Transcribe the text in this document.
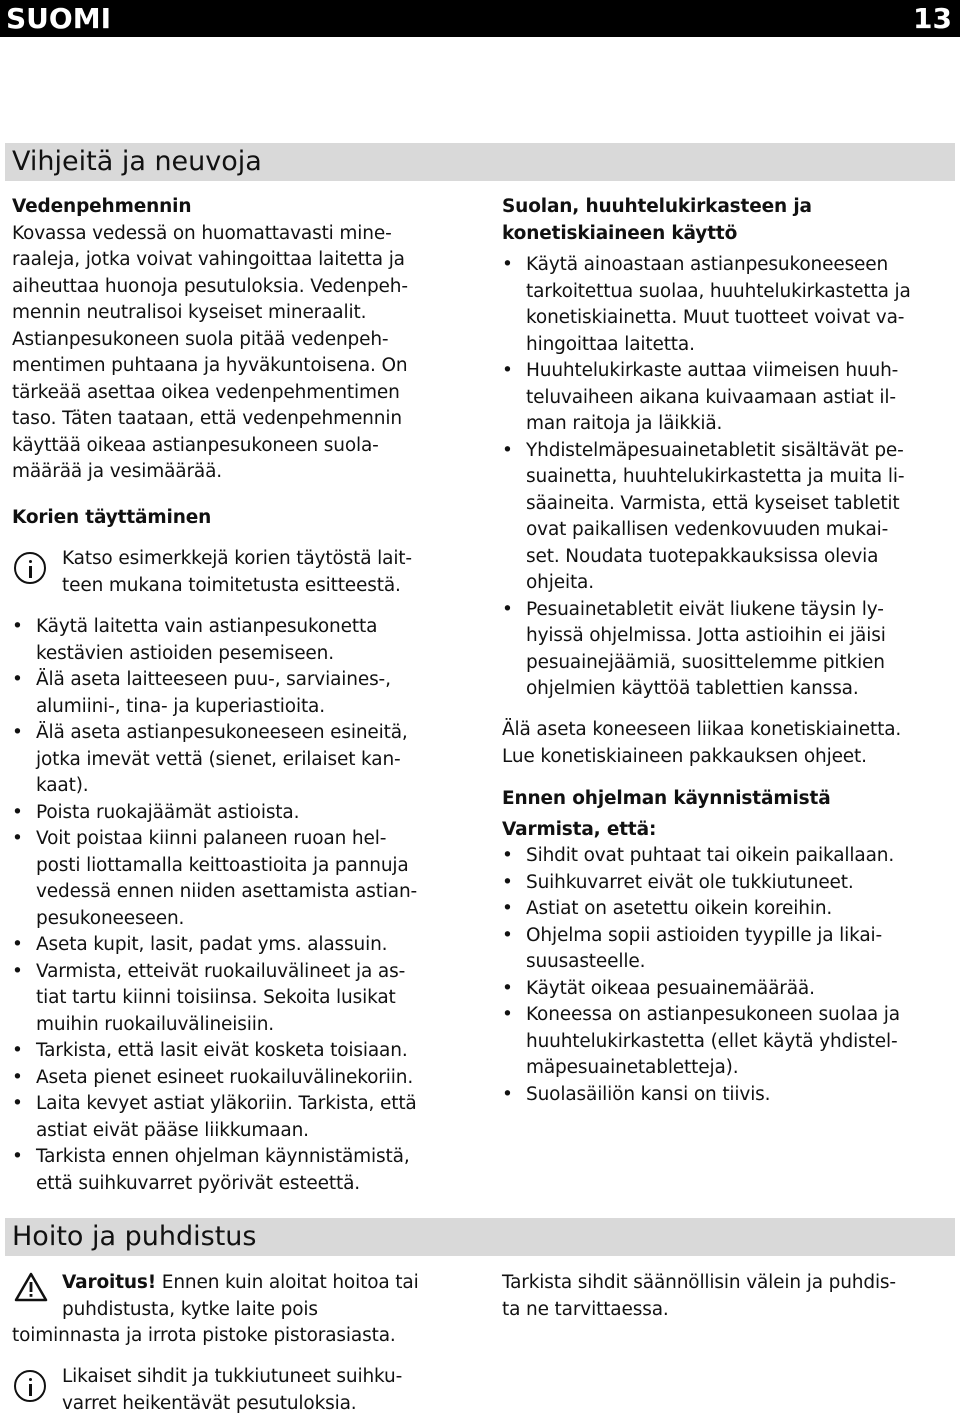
SUOMI	13
Vihjeitä ja neuvoja

Vedenpehmennin

Kovassa vedessä on huomattavasti mine-
raaleja, jotka voivat vahingoittaa laitetta ja
aiheuttaa huonoja pesutuloksia. Vedenpeh-
mennin neutralisoi kyseiset mineraalit.
Astianpesukoneen suola pitää vedenpeh-
mentimen puhtaana ja hyväkuntoisena. On
tärkeää asettaa oikea vedenpehmentimen
taso. Täten taataan, että vedenpehmennin
käyttää oikeaa astianpesukoneen suola-
määrää ja vesimäärää.

Korien täyttäminen

Katso esimerkkejä korien täytöstä lait-
teen mukana toimitetusta esitteestä.
• Käytä laitetta vain astianpesukonetta
kestävien astioiden pesemiseen.
• Älä aseta laitteeseen puu-, sarviaines-,
alumiini-, tina- ja kuperiastioita.
• Älä aseta astianpesukoneeseen esineitä,
jotka imevät vettä (sienet, erilaiset kan-
kaat).
• Poista ruokajäämät astioista.
• Voit poistaa kiinni palaneen ruoan hel-
posti liottamalla keittoastioita ja pannuja
vedessä ennen niiden asettamista astian-
pesukoneeseen.
• Aseta kupit, lasit, padat yms. alassuin.
• Varmista, etteivät ruokailuvälineet ja as-
tiat tartu kiinni toisiinsa. Sekoita lusikat
muihin ruokailuvälineisiin.
• Tarkista, että lasit eivät kosketa toisiaan.
• Aseta pienet esineet ruokailuvälinekoriin.
• Laita kevyet astiat yläkoriin. Tarkista, että
astiat eivät pääse liikkumaan.
• Tarkista ennen ohjelman käynnistämistä,
että suihkuvarret pyörivät esteettä.
Suolan, huuhtelukirkasteen ja
konetiskiaineen käyttö
• Käytä ainoastaan astianpesukoneeseen
tarkoitettua suolaa, huuhtelukirkastetta ja
konetiskiainetta. Muut tuotteet voivat va-
hingoittaa laitetta.
• Huuhtelukirkaste auttaa viimeisen huuh-
teluvaiheen aikana kuivaamaan astiat il-
man raitoja ja läikkiä.
• Yhdistelmäpesuainetabletit sisältävät pe-
suainetta, huuhtelukirkastetta ja muita li-
säaineita. Varmista, että kyseiset tabletit
ovat paikallisen vedenkovuuden mukai-
set. Noudata tuotepakkauksissa olevia
ohjeita.
• Pesuainetabletit eivät liukene täysin ly-
hyissä ohjelmissa. Jotta astioihin ei jäisi
pesuainejäämiä, suosittelemme pitkien
ohjelmien käyttöä tablettien kanssa.
Älä aseta koneeseen liikaa konetiskiainetta.
Lue konetiskiaineen pakkauksen ohjeet.

Ennen ohjelman käynnistämistä

Varmista, että:

• Sihdit ovat puhtaat tai oikein paikallaan.
• Suihkuvarret eivät ole tukkiutuneet.
• Astiat on asetettu oikein koreihin.
• Ohjelma sopii astioiden tyypille ja likai-
suusasteelle.
• Käytät oikeaa pesuainemäärää.
• Koneessa on astianpesukoneen suolaa ja
huuhtelukirkastetta (ellet käytä yhdistel-
mäpesuainetabletteja).
• Suolasäiliön kansi on tiivis.
Hoito ja puhdistus
Varoitus! Ennen kuin aloitat hoitoa tai
puhdistusta, kytke laite pois
toiminnasta ja irrota pistoke pistorasiasta.
Likaiset sihdit ja tukkiutuneet suihku-
varret heikentävät pesutuloksia.
Tarkista sihdit säännöllisin välein ja puhdis-
ta ne tarvittaessa.
